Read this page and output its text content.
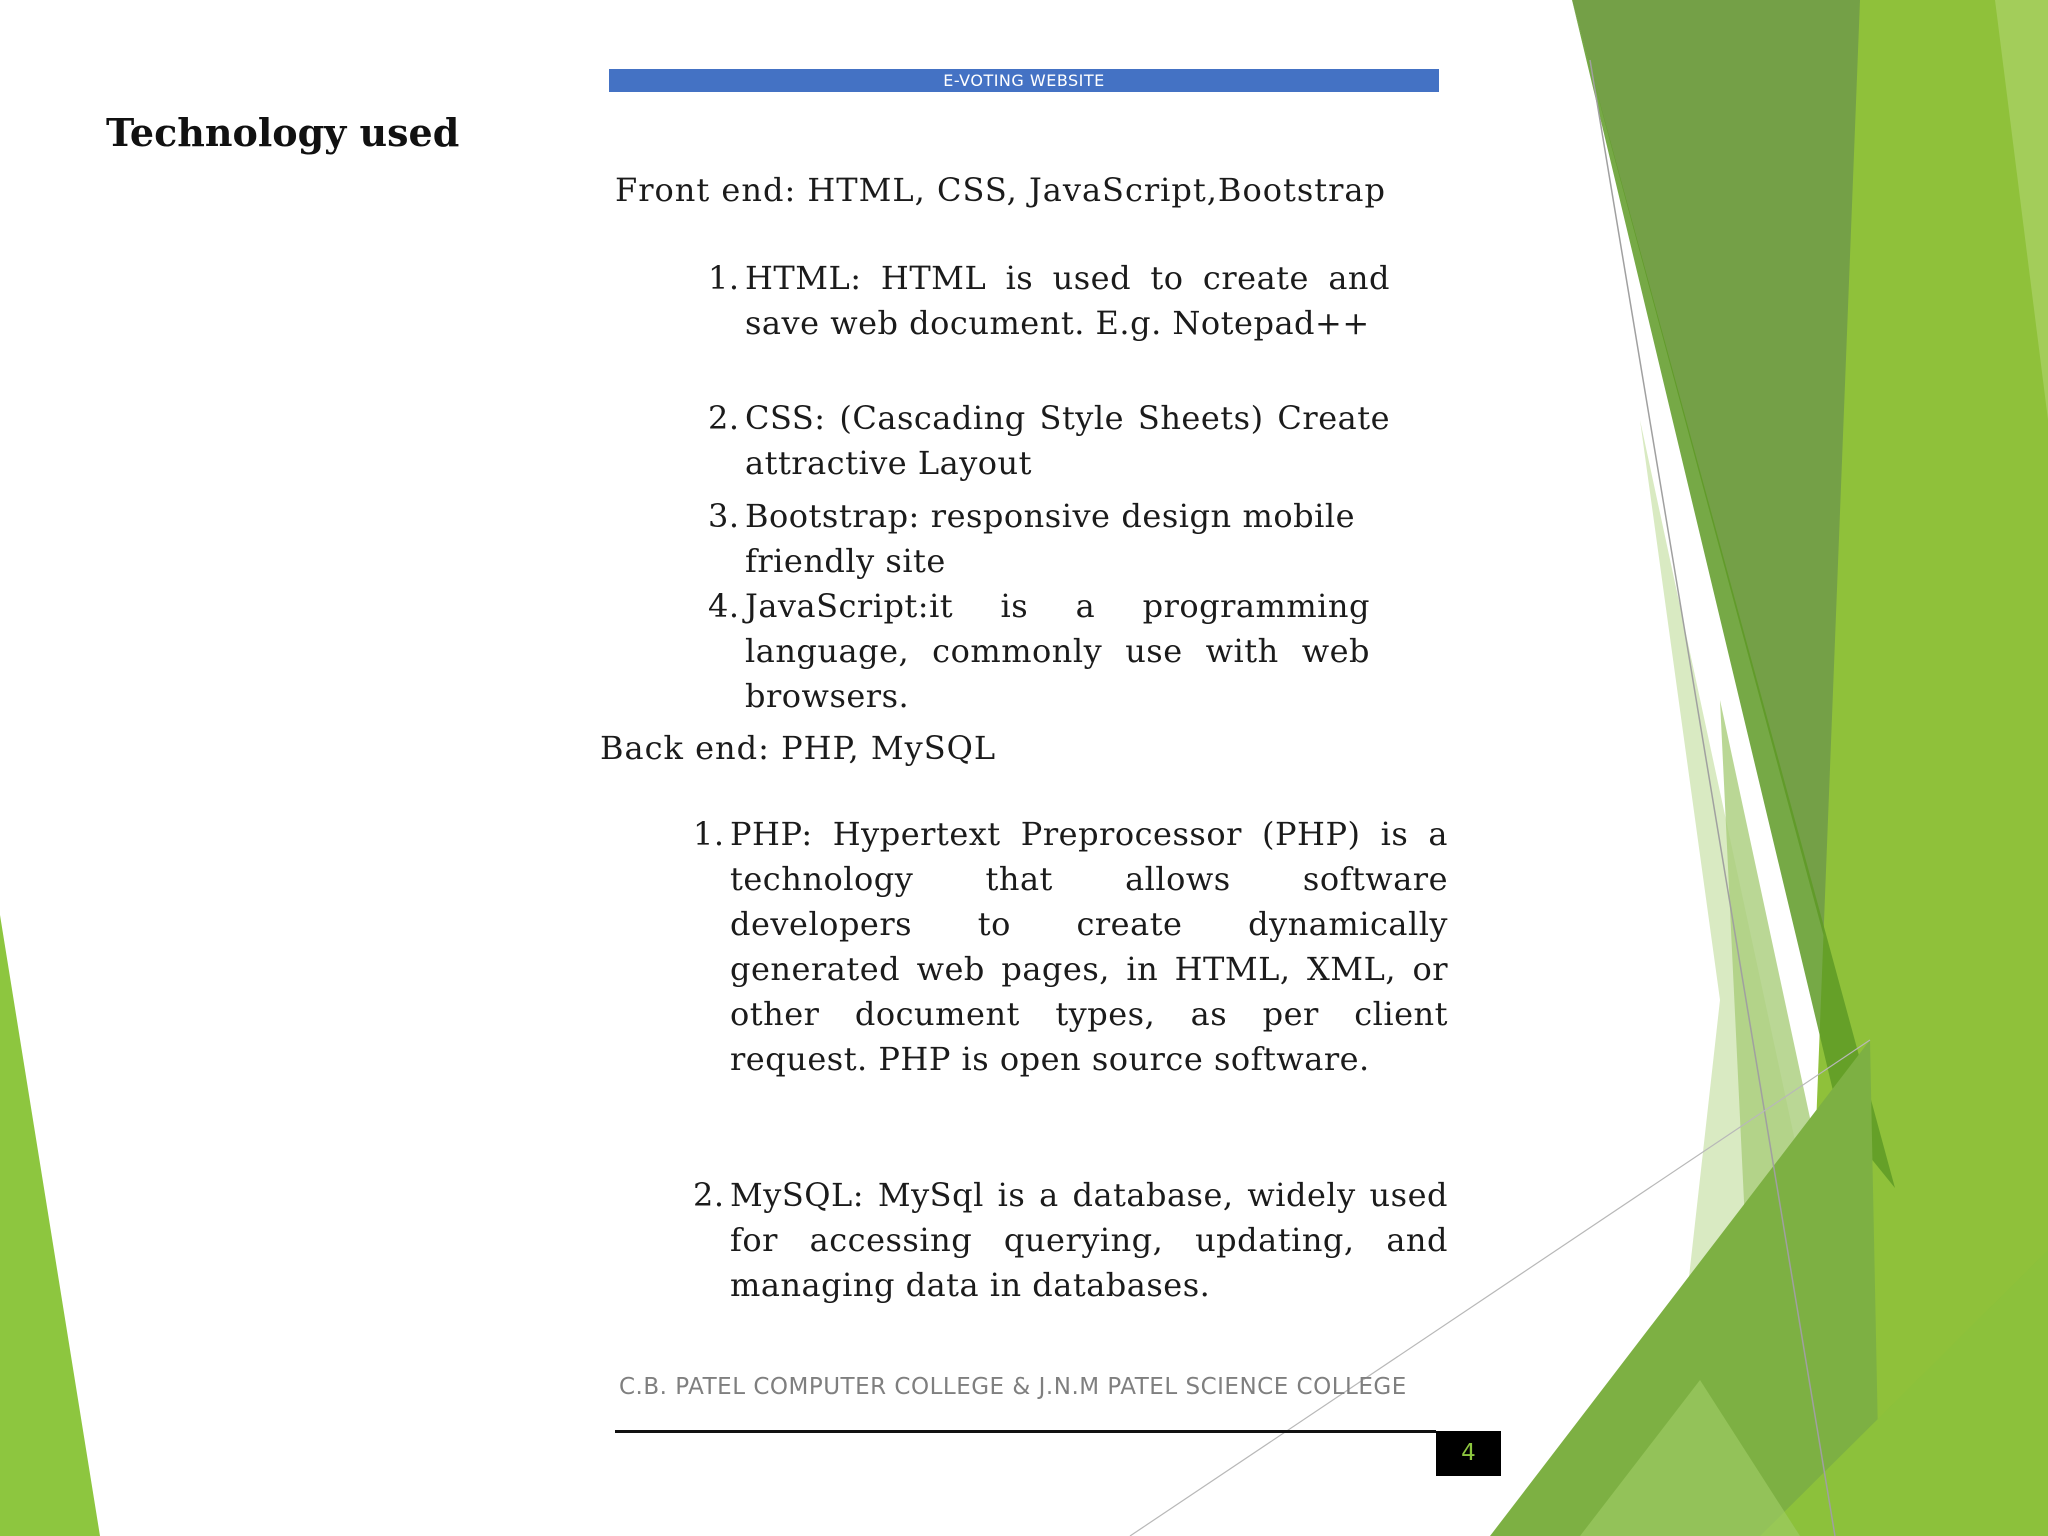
E-VOTING WEBSITE
Technology used
Front end: HTML, CSS, JavaScript,Bootstrap
1. HTML: HTML is used to create and save web document. E.g. Notepad++
2. CSS: (Cascading Style Sheets) Create attractive Layout
3. Bootstrap: responsive design mobile friendly site
4. JavaScript:it is a programming language, commonly use with web browsers.
Back end: PHP, MySQL
1. PHP: Hypertext Preprocessor (PHP) is a technology that allows software developers to create dynamically generated web pages, in HTML, XML, or other document types, as per client request. PHP is open source software.
2. MySQL: MySql is a database, widely used for accessing querying, updating, and managing data in databases.
C.B. PATEL COMPUTER COLLEGE & J.N.M PATEL SCIENCE COLLEGE
4
